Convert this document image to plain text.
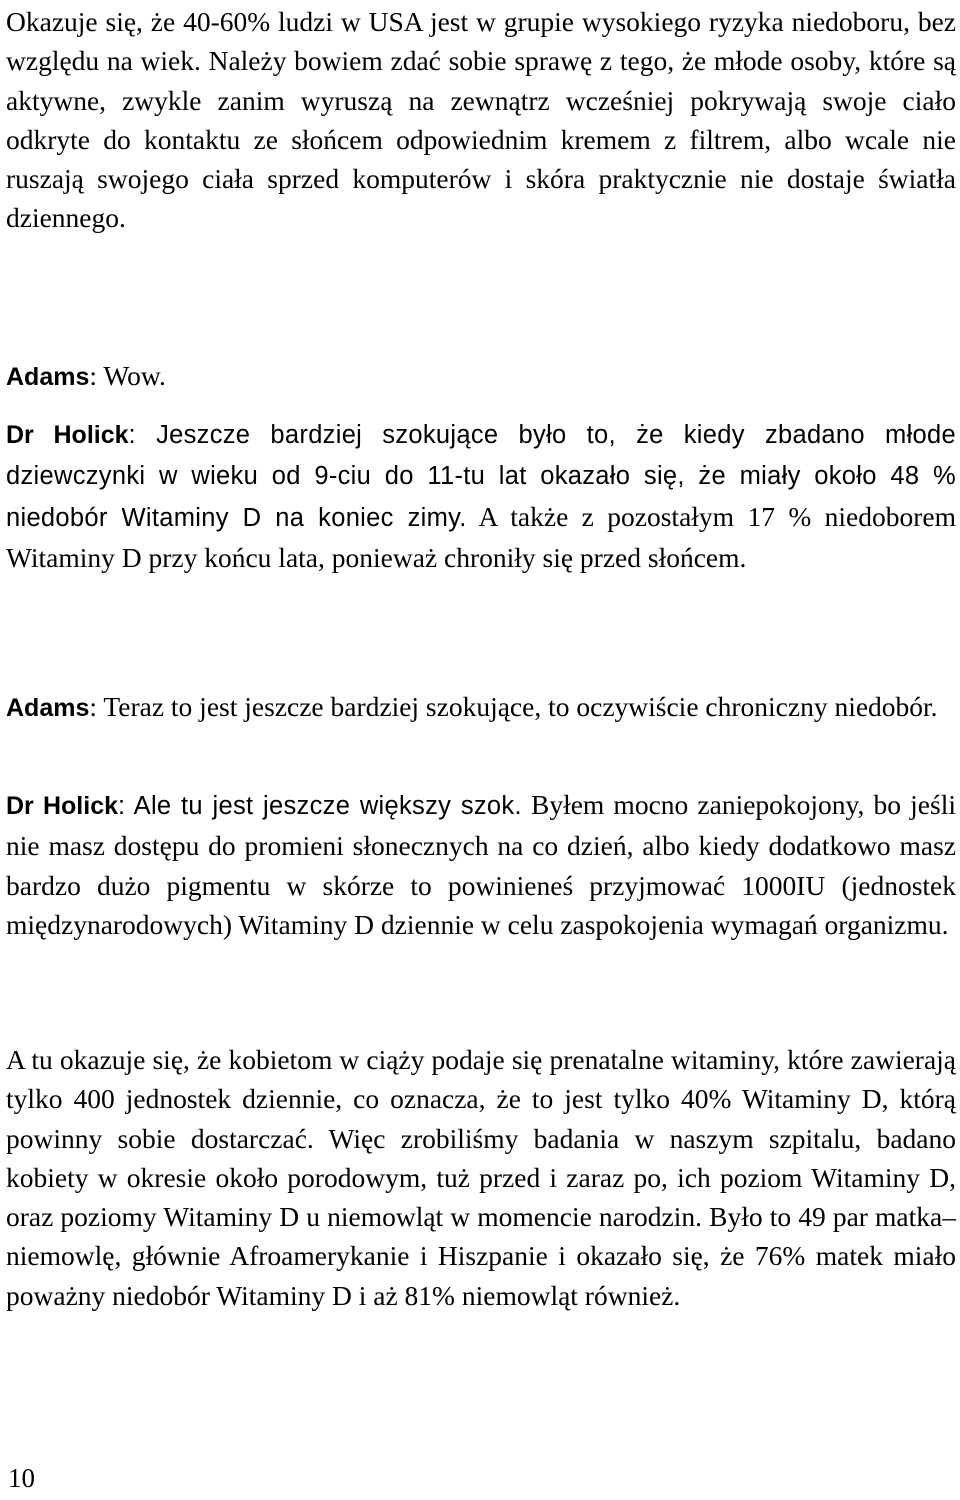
Okazuje się, że 40-60% ludzi w USA jest w grupie wysokiego ryzyka niedoboru, bez względu na wiek. Należy bowiem zdać sobie sprawę z tego, że młode osoby, które są aktywne, zwykle zanim wyruszą na zewnątrz wcześniej pokrywają swoje ciało odkryte do kontaktu ze słońcem odpowiednim kremem z filtrem, albo wcale nie ruszają swojego ciała sprzed komputerów i skóra praktycznie nie dostaje światła dziennego.

Adams: Wow.

Dr Holick: Jeszcze bardziej szokujące było to, że kiedy zbadano młode dziewczynki w wieku od 9-ciu do 11-tu lat okazało się, że miały około 48 % niedobór Witaminy D na koniec zimy. A także z pozostałym 17 % niedoborem Witaminy D przy końcu lata, ponieważ chroniły się przed słońcem.

Adams: Teraz to jest jeszcze bardziej szokujące, to oczywiście chroniczny niedobór.

Dr Holick: Ale tu jest jeszcze większy szok. Byłem mocno zaniepokojony, bo jeśli nie masz dostępu do promieni słonecznych na co dzień, albo kiedy dodatkowo masz bardzo dużo pigmentu w skórze to powinieneś przyjmować 1000IU (jednostek międzynarodowych) Witaminy D dziennie w celu zaspokojenia wymagań organizmu.

A tu okazuje się, że kobietom w ciąży podaje się prenatalne witaminy, które zawierają tylko 400 jednostek dziennie, co oznacza, że to jest tylko 40% Witaminy D, którą powinny sobie dostarczać. Więc zrobiliśmy badania w naszym szpitalu, badano kobiety w okresie około porodowym, tuż przed i zaraz po, ich poziom Witaminy D, oraz poziomy Witaminy D u niemowląt w momencie narodzin. Było to 49 par matka–niemowlę, głównie Afroamerykanie i Hiszpanie i okazało się, że 76% matek miało poważny niedobór Witaminy D i aż 81% niemowląt również.

10
